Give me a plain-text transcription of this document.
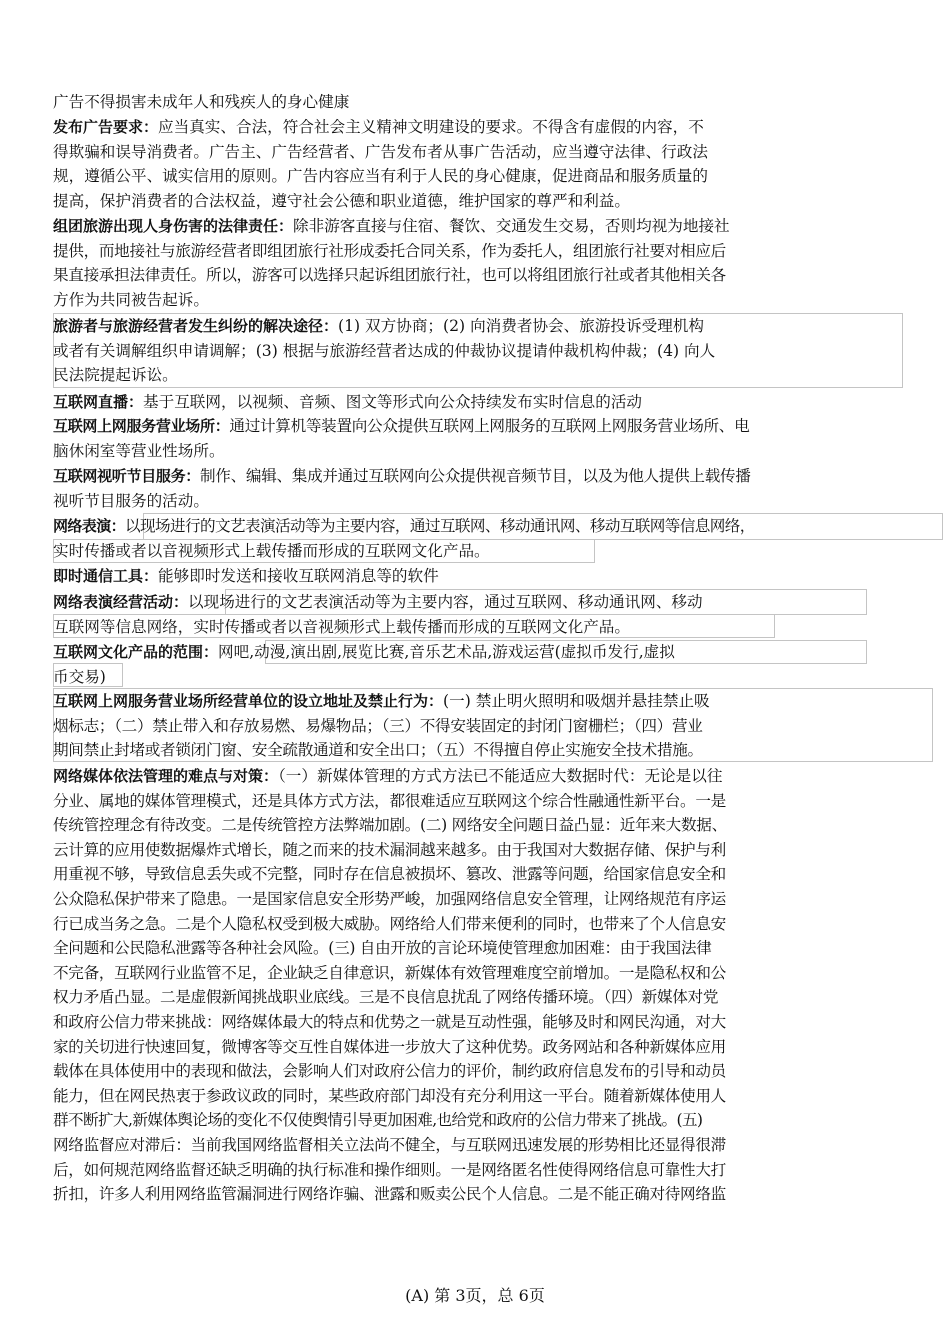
广告不得损害未成年人和残疾人的身心健康
发布广告要求：应当真实、合法，符合社会主义精神文明建设的要求。不得含有虚假的内容，不
得欺骗和误导消费者。广告主、广告经营者、广告发布者从事广告活动，应当遵守法律、行政法
规，遵循公平、诚实信用的原则。广告内容应当有利于人民的身心健康，促进商品和服务质量的
提高，保护消费者的合法权益，遵守社会公德和职业道德，维护国家的尊严和利益。
组团旅游出现人身伤害的法律责任：除非游客直接与住宿、餐饮、交通发生交易，否则均视为地接社
提供，而地接社与旅游经营者即组团旅行社形成委托合同关系，作为委托人，组团旅行社要对相应后
果直接承担法律责任。所以，游客可以选择只起诉组团旅行社，也可以将组团旅行社或者其他相关各
方作为共同被告起诉。
旅游者与旅游经营者发生纠纷的解决途径：(1) 双方协商；(2) 向消费者协会、旅游投诉受理机构
或者有关调解组织申请调解；(3) 根据与旅游经营者达成的仲裁协议提请仲裁机构仲裁；(4) 向人
民法院提起诉讼。
互联网直播：基于互联网，以视频、音频、图文等形式向公众持续发布实时信息的活动
互联网上网服务营业场所：通过计算机等装置向公众提供互联网上网服务的互联网上网服务营业场所、电
脑休闲室等营业性场所。
互联网视听节目服务：制作、编辑、集成并通过互联网向公众提供视音频节目，以及为他人提供上载传播
视听节目服务的活动。
网络表演：以现场进行的文艺表演活动等为主要内容，通过互联网、移动通讯网、移动互联网等信息网络，
实时传播或者以音视频形式上载传播而形成的互联网文化产品。
即时通信工具：能够即时发送和接收互联网消息等的软件
网络表演经营活动：以现场进行的文艺表演活动等为主要内容，通过互联网、移动通讯网、移动
互联网等信息网络，实时传播或者以音视频形式上载传播而形成的互联网文化产品。
互联网文化产品的范围：网吧,动漫,演出剧,展览比赛,音乐艺术品,游戏运营(虚拟币发行,虚拟
币交易)
互联网上网服务营业场所经营单位的设立地址及禁止行为：(一) 禁止明火照明和吸烟并悬挂禁止吸
烟标志；（二）禁止带入和存放易燃、易爆物品；（三）不得安装固定的封闭门窗栅栏；（四）营业
期间禁止封堵或者锁闭门窗、安全疏散通道和安全出口；（五）不得擅自停止实施安全技术措施。
网络媒体依法管理的难点与对策：（一）新媒体管理的方式方法已不能适应大数据时代：无论是以往
分业、属地的媒体管理模式，还是具体方式方法，都很难适应互联网这个综合性融通性新平台。一是
传统管控理念有待改变。二是传统管控方法弊端加剧。(二) 网络安全问题日益凸显：近年来大数据、
云计算的应用使数据爆炸式增长，随之而来的技术漏洞越来越多。由于我国对大数据存储、保护与利
用重视不够，导致信息丢失或不完整，同时存在信息被损坏、篡改、泄露等问题，给国家信息安全和
公众隐私保护带来了隐患。一是国家信息安全形势严峻，加强网络信息安全管理，让网络规范有序运
行已成当务之急。二是个人隐私权受到极大威胁。网络给人们带来便利的同时，也带来了个人信息安
全问题和公民隐私泄露等各种社会风险。(三) 自由开放的言论环境使管理愈加困难：由于我国法律
不完备，互联网行业监管不足，企业缺乏自律意识，新媒体有效管理难度空前增加。一是隐私权和公
权力矛盾凸显。二是虚假新闻挑战职业底线。三是不良信息扰乱了网络传播环境。（四）新媒体对党
和政府公信力带来挑战：网络媒体最大的特点和优势之一就是互动性强，能够及时和网民沟通，对大
家的关切进行快速回复，微博客等交互性自媒体进一步放大了这种优势。政务网站和各种新媒体应用
载体在具体使用中的表现和做法，会影响人们对政府公信力的评价，制约政府信息发布的引导和动员
能力，但在网民热衷于参政议政的同时，某些政府部门却没有充分利用这一平台。随着新媒体使用人
群不断扩大,新媒体舆论场的变化不仅使舆情引导更加困难,也给党和政府的公信力带来了挑战。(五)
网络监督应对滞后：当前我国网络监督相关立法尚不健全，与互联网迅速发展的形势相比还显得很滞
后，如何规范网络监督还缺乏明确的执行标准和操作细则。一是网络匿名性使得网络信息可靠性大打
折扣，许多人利用网络监管漏洞进行网络诈骗、泄露和贩卖公民个人信息。二是不能正确对待网络监
(A) 第 3页，总 6页
